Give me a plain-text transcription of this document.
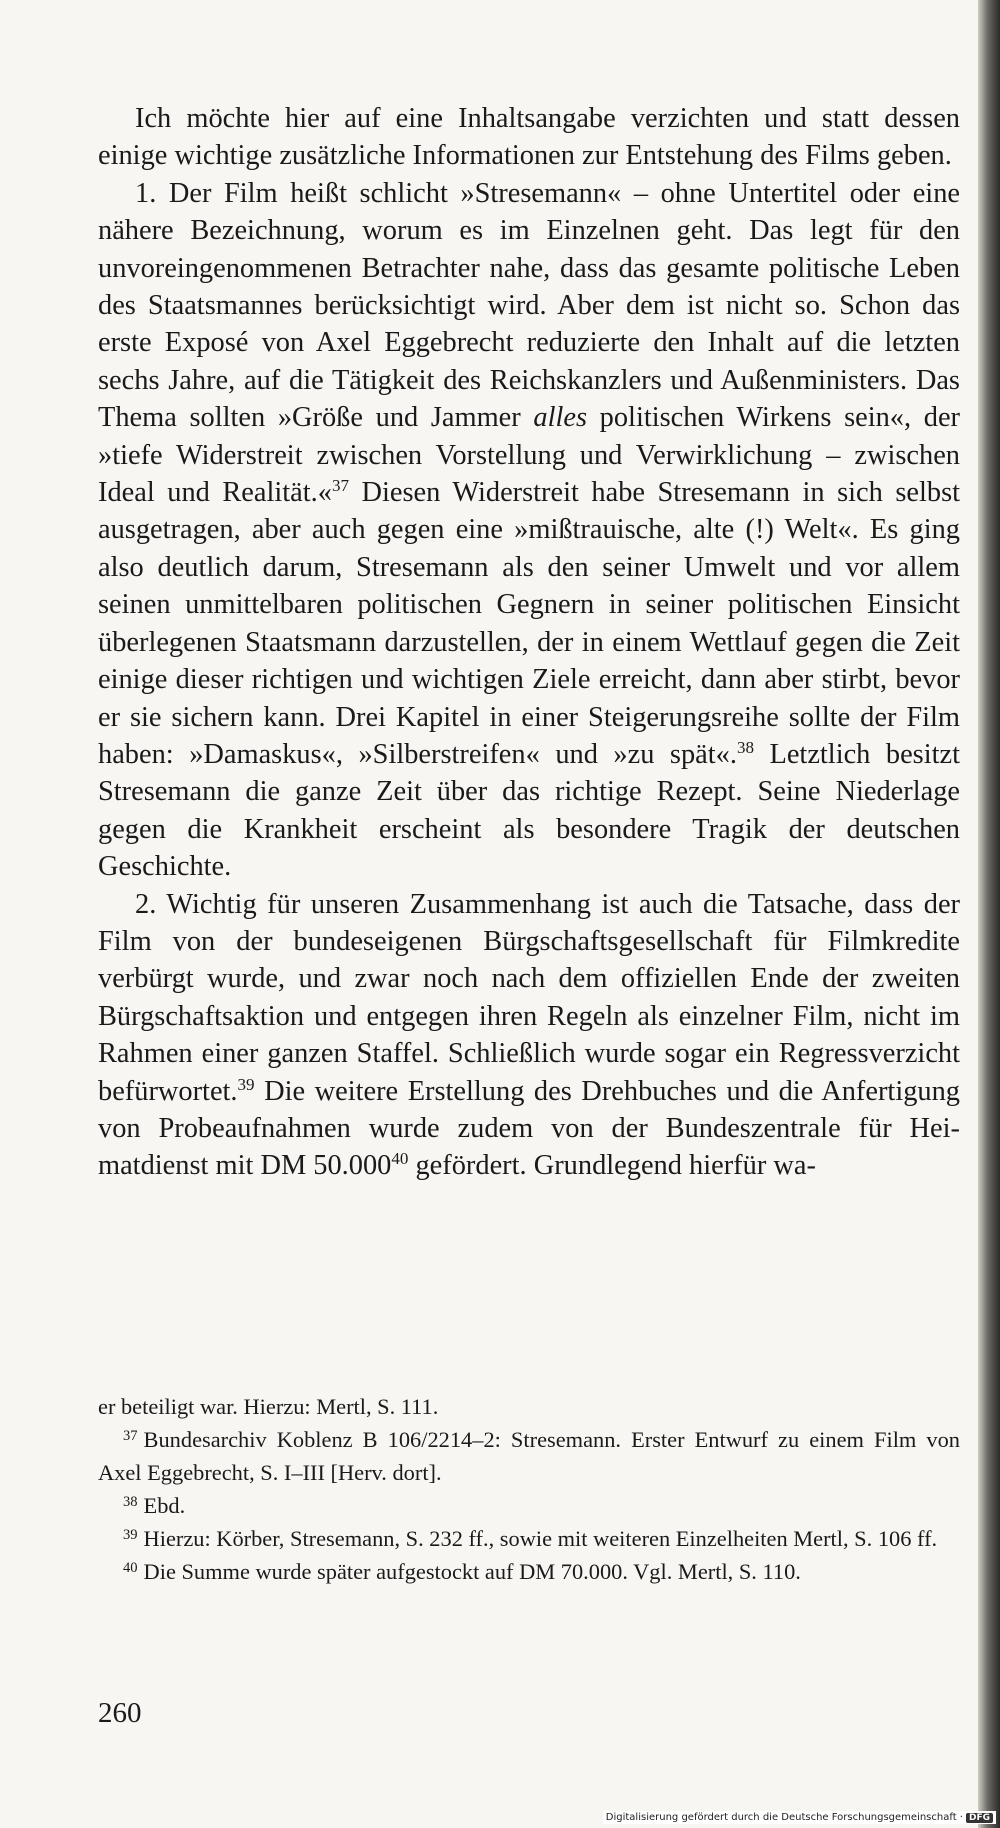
Ich möchte hier auf eine Inhaltsangabe verzichten und statt dessen einige wichtige zusätzliche Informationen zur Entstehung des Films geben.

1. Der Film heißt schlicht »Stresemann« – ohne Untertitel oder eine nähere Bezeichnung, worum es im Einzelnen geht. Das legt für den unvoreingenommenen Betrachter nahe, dass das gesamte politische Leben des Staatsmannes berücksichtigt wird. Aber dem ist nicht so. Schon das erste Exposé von Axel Eggebrecht reduzierte den Inhalt auf die letzten sechs Jahre, auf die Tätigkeit des Reichskanzlers und Außenministers. Das Thema sollten »Größe und Jammer alles politischen Wirkens sein«, der »tiefe Widerstreit zwischen Vorstellung und Verwirklichung – zwischen Ideal und Realität.«$^{37}$ Diesen Widerstreit habe Stresemann in sich selbst ausgetragen, aber auch gegen eine »mißtrauische, alte (!) Welt«. Es ging also deutlich darum, Stresemann als den seiner Umwelt und vor allem seinen unmittelbaren politischen Gegnern in seiner politischen Einsicht überlegenen Staatsmann darzustellen, der in einem Wettlauf gegen die Zeit einige dieser richtigen und wichtigen Ziele erreicht, dann aber stirbt, bevor er sie sichern kann. Drei Kapitel in einer Steigerungsreihe sollte der Film haben: »Damaskus«, »Silberstreifen« und »zu spät«.$^{38}$ Letztlich besitzt Stresemann die ganze Zeit über das richtige Rezept. Seine Niederlage gegen die Krankheit erscheint als besondere Tragik der deutschen Geschichte.

2. Wichtig für unseren Zusammenhang ist auch die Tatsache, dass der Film von der bundeseigenen Bürgschaftsgesellschaft für Filmkredite verbürgt wurde, und zwar noch nach dem offiziellen Ende der zweiten Bürgschaftsaktion und entgegen ihren Regeln als einzelner Film, nicht im Rahmen einer ganzen Staffel. Schließlich wurde sogar ein Regressverzicht befürwortet.$^{39}$ Die weitere Erstellung des Drehbuches und die Anfertigung von Probeaufnahmen wurde zudem von der Bundeszentrale für Heimatdienst mit DM 50.000$^{40}$ gefördert. Grundlegend hierfür wa-

er beteiligt war. Hierzu: Mertl, S. 111.

$^{37}$ Bundesarchiv Koblenz B 106/2214–2: Stresemann. Erster Entwurf zu einem Film von Axel Eggebrecht, S. I–III [Herv. dort].

$^{38}$ Ebd.

$^{39}$ Hierzu: Körber, Stresemann, S. 232 ff., sowie mit weiteren Einzelheiten Mertl, S. 106 ff.

$^{40}$ Die Summe wurde später aufgestockt auf DM 70.000. Vgl. Mertl, S. 110.

260

Digitalisierung gefördert durch die Deutsche Forschungsgemeinschaft · DFG
